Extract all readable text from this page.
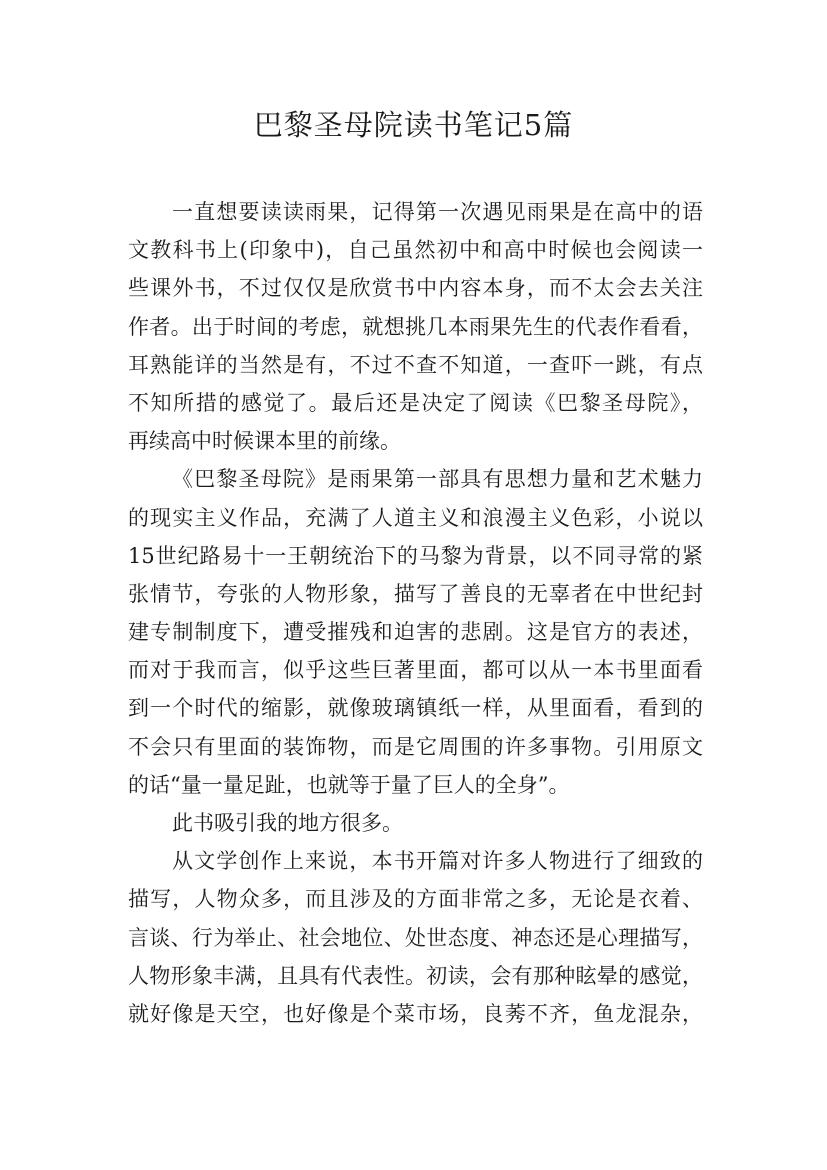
巴黎圣母院读书笔记5篇
一直想要读读雨果，记得第一次遇见雨果是在高中的语
文教科书上(印象中)，自己虽然初中和高中时候也会阅读一
些课外书，不过仅仅是欣赏书中内容本身，而不太会去关注
作者。出于时间的考虑，就想挑几本雨果先生的代表作看看，
耳熟能详的当然是有，不过不查不知道，一查吓一跳，有点
不知所措的感觉了。最后还是决定了阅读《巴黎圣母院》，
再续高中时候课本里的前缘。
《巴黎圣母院》是雨果第一部具有思想力量和艺术魅力
的现实主义作品，充满了人道主义和浪漫主义色彩，小说以
15世纪路易十一王朝统治下的马黎为背景，以不同寻常的紧
张情节，夸张的人物形象，描写了善良的无辜者在中世纪封
建专制制度下，遭受摧残和迫害的悲剧。这是官方的表述，
而对于我而言，似乎这些巨著里面，都可以从一本书里面看
到一个时代的缩影，就像玻璃镇纸一样，从里面看，看到的
不会只有里面的装饰物，而是它周围的许多事物。引用原文
的话“量一量足趾，也就等于量了巨人的全身”。
此书吸引我的地方很多。
从文学创作上来说，本书开篇对许多人物进行了细致的
描写，人物众多，而且涉及的方面非常之多，无论是衣着、
言谈、行为举止、社会地位、处世态度、神态还是心理描写，
人物形象丰满，且具有代表性。初读，会有那种眩晕的感觉，
就好像是天空，也好像是个菜市场，良莠不齐，鱼龙混杂，
